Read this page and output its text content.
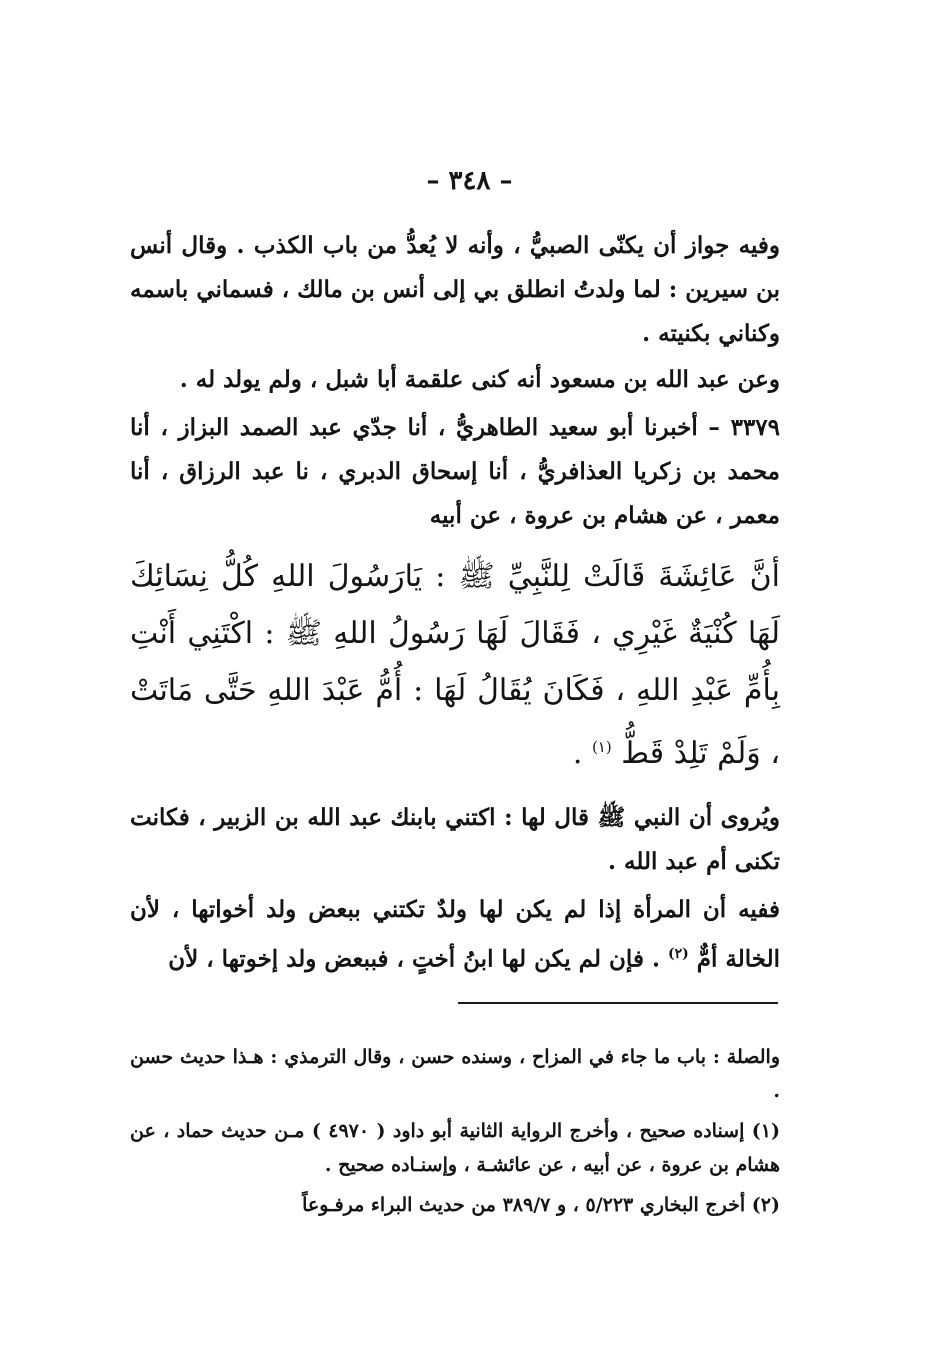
– ٣٤٨ –

وفيه جواز أن يكنّى الصبيُّ ، وأنه لا يُعدُّ من باب الكذب . وقال أنس بن سيرين : لما ولدتُ انطلق بي إلى أنس بن مالك ، فسماني باسمه وكناني بكنيته .

وعن عبد الله بن مسعود أنه كنى علقمة أبا شبل ، ولم يولد له .

٣٣٧٩ – أخبرنا أبو سعيد الطاهريُّ ، أنا جدّي عبد الصمد البزاز ، أنا محمد بن زكريا العذافريُّ ، أنا إسحاق الدبري ، نا عبد الرزاق ، أنا معمر ، عن هشام بن عروة ، عن أبيه

أنَّ عَائِشَةَ قَالَتْ لِلنَّبِيِّ ﷺ : يَارَسُولَ اللهِ كُلُّ نِسَائِكَ لَهَا كُنْيَةٌ غَيْرِي ، فَقَالَ لَهَا رَسُولُ اللهِ ﷺ : اكْتَنِي أَنْتِ بِأُمِّ عَبْدِ اللهِ ، فَكَانَ يُقَالُ لَهَا : أُمُّ عَبْدَ اللهِ حَتَّى مَاتَتْ ، وَلَمْ تَلِدْ قَطُّ $^{(١)}$ .

ويُروى أن النبي ﷺ قال لها : اكتني بابنك عبد الله بن الزبير ، فكانت تكنى أم عبد الله .

ففيه أن المرأة إذا لم يكن لها ولدٌ تكتني ببعض ولد أخواتها ، لأن الخالة أمٌّ $^{(٢)}$ . فإن لم يكن لها ابنُ أختٍ ، فببعض ولد إخوتها ، لأن

والصلة : باب ما جاء في المزاح ، وسنده حسن ، وقال الترمذي : هـذا حديث حسن .

(١) إسناده صحيح ، وأخرج الرواية الثانية أبو داود ( ٤٩٧٠ ) مـن حديث حماد ، عن هشام بن عروة ، عن أبيه ، عن عائشـة ، وإسنـاده صحيح .

(٢) أخرج البخاري ٥/٢٢٣ ، و ٣٨٩/٧ من حديث البراء مرفـوعاً
